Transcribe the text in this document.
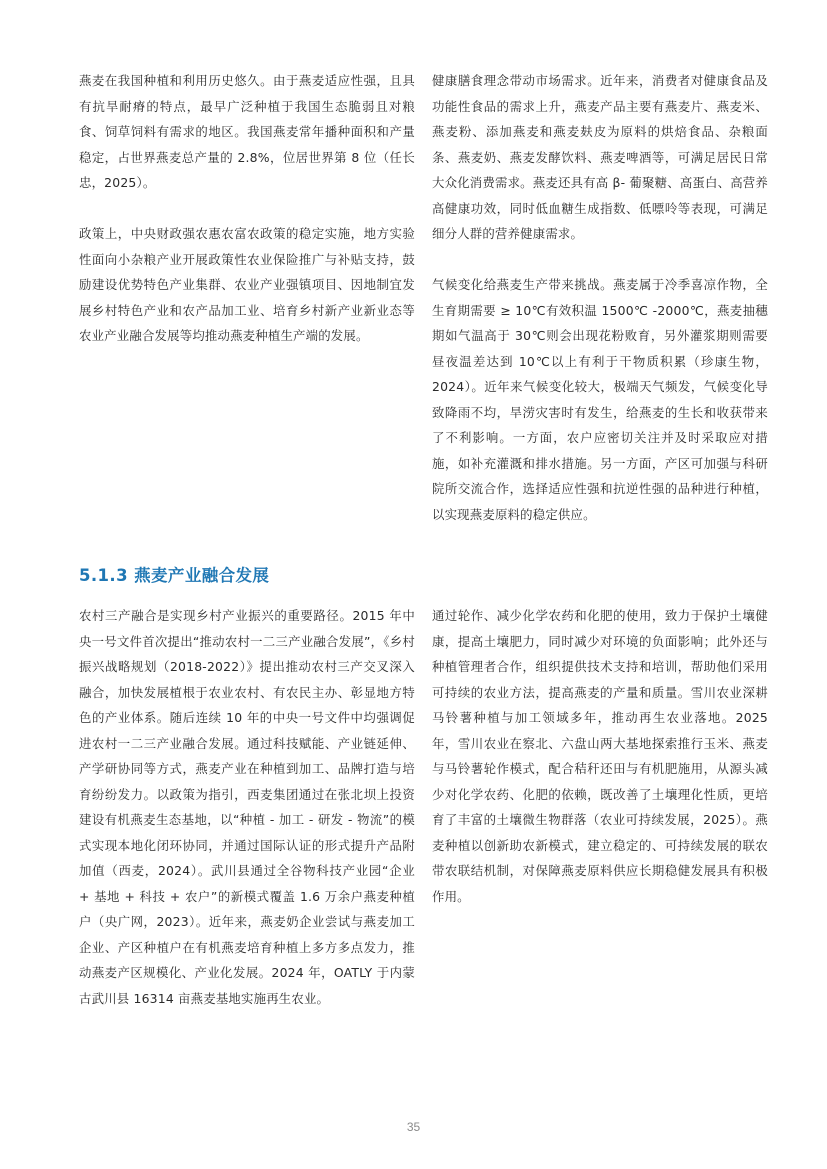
燕麦在我国种植和利用历史悠久。由于燕麦适应性强，且具有抗旱耐瘠的特点，最早广泛种植于我国生态脆弱且对粮食、饲草饲料有需求的地区。我国燕麦常年播种面积和产量稳定，占世界燕麦总产量的 2.8%，位居世界第 8 位（任长忠，2025）。

政策上，中央财政强农惠农富农政策的稳定实施，地方实验性面向小杂粮产业开展政策性农业保险推广与补贴支持，鼓励建设优势特色产业集群、农业产业强镇项目、因地制宜发展乡村特色产业和农产品加工业、培育乡村新产业新业态等农业产业融合发展等均推动燕麦种植生产端的发展。

健康膳食理念带动市场需求。近年来，消费者对健康食品及功能性食品的需求上升，燕麦产品主要有燕麦片、燕麦米、燕麦粉、添加燕麦和燕麦麸皮为原料的烘焙食品、杂粮面条、燕麦奶、燕麦发酵饮料、燕麦啤酒等，可满足居民日常大众化消费需求。燕麦还具有高 β- 葡聚糖、高蛋白、高营养高健康功效，同时低血糖生成指数、低嘌呤等表现，可满足细分人群的营养健康需求。

气候变化给燕麦生产带来挑战。燕麦属于冷季喜凉作物，全生育期需要 ≥ 10℃有效积温 1500℃ -2000℃，燕麦抽穗期如气温高于 30℃则会出现花粉败育，另外灌浆期则需要昼夜温差达到 10℃以上有利于干物质积累（珍康生物，2024）。近年来气候变化较大，极端天气频发，气候变化导致降雨不均，旱涝灾害时有发生，给燕麦的生长和收获带来了不利影响。一方面，农户应密切关注并及时采取应对措施，如补充灌溉和排水措施。另一方面，产区可加强与科研院所交流合作，选择适应性强和抗逆性强的品种进行种植，以实现燕麦原料的稳定供应。

5.1.3 燕麦产业融合发展

农村三产融合是实现乡村产业振兴的重要路径。2015 年中央一号文件首次提出“推动农村一二三产业融合发展”，《乡村振兴战略规划（2018-2022）》提出推动农村三产交叉深入融合，加快发展植根于农业农村、有农民主办、彰显地方特色的产业体系。随后连续 10 年的中央一号文件中均强调促进农村一二三产业融合发展。通过科技赋能、产业链延伸、产学研协同等方式，燕麦产业在种植到加工、品牌打造与培育纷纷发力。以政策为指引，西麦集团通过在张北坝上投资建设有机燕麦生态基地，以“种植 - 加工 - 研发 - 物流”的模式实现本地化闭环协同，并通过国际认证的形式提升产品附加值（西麦，2024）。武川县通过全谷物科技产业园“企业 + 基地 + 科技 + 农户”的新模式覆盖 1.6 万余户燕麦种植户（央广网，2023）。近年来，燕麦奶企业尝试与燕麦加工企业、产区种植户在有机燕麦培育种植上多方多点发力，推动燕麦产区规模化、产业化发展。2024 年，OATLY 于内蒙古武川县 16314 亩燕麦基地实施再生农业。

通过轮作、减少化学农药和化肥的使用，致力于保护土壤健康，提高土壤肥力，同时减少对环境的负面影响；此外还与种植管理者合作，组织提供技术支持和培训，帮助他们采用可持续的农业方法，提高燕麦的产量和质量。雪川农业深耕马铃薯种植与加工领域多年，推动再生农业落地。2025 年，雪川农业在察北、六盘山两大基地探索推行玉米、燕麦与马铃薯轮作模式，配合秸秆还田与有机肥施用，从源头减少对化学农药、化肥的依赖，既改善了土壤理化性质，更培育了丰富的土壤微生物群落（农业可持续发展，2025）。燕麦种植以创新助农新模式，建立稳定的、可持续发展的联农带农联结机制，对保障燕麦原料供应长期稳健发展具有积极作用。

35
